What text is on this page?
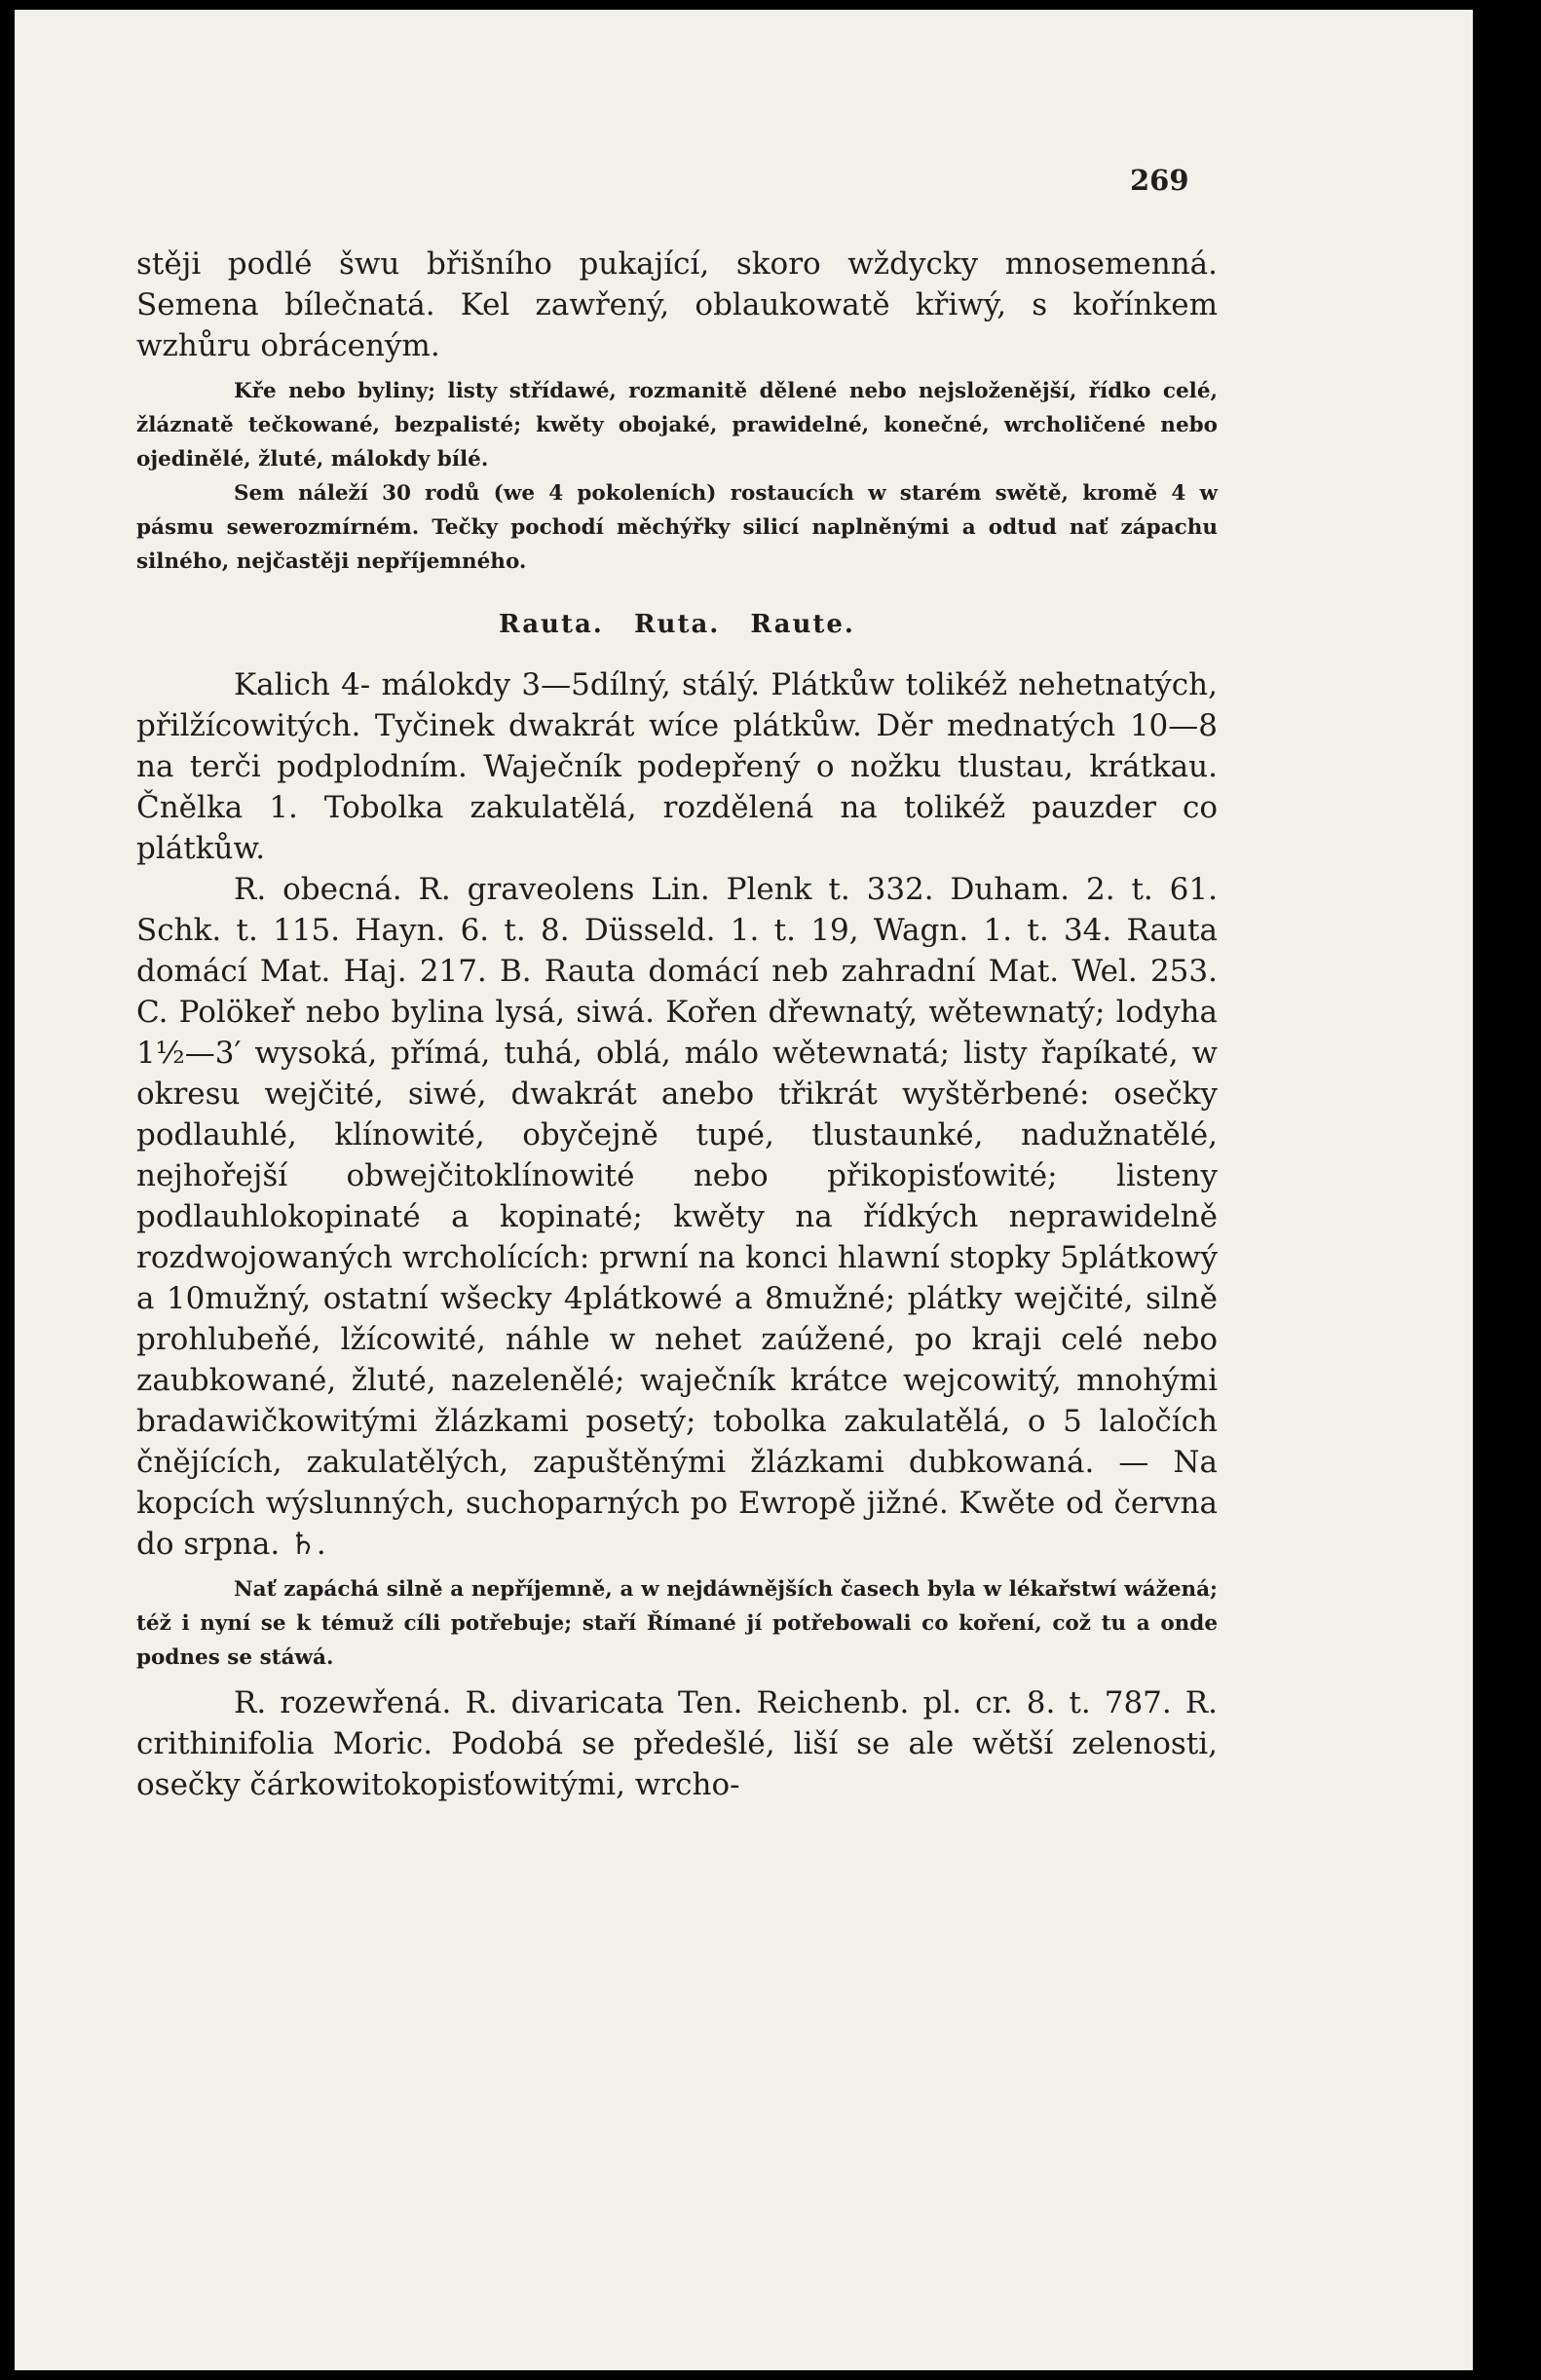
269

stěji podlé šwu břišního pukající, skoro wždycky mnosemenná. Semena bílečnatá. Kel zawřený, oblaukowatě křiwý, s kořínkem wzhůru obráceným.

Kře nebo byliny; listy střídawé, rozmanitě dělené nebo nejsloženější, řídko celé, žláznatě tečkowané, bezpalisté; kwěty obojaké, prawidelné, konečné, wrcholičené nebo ojedinělé, žluté, málokdy bílé.

Sem náleží 30 rodů (we 4 pokoleních) rostaucích w starém swětě, kromě 4 w pásmu sewerozmírném. Tečky pochodí měchýřky silicí naplněnými a odtud nať zápachu silného, nejčastěji nepříjemného.

Rauta. Ruta. Raute.

Kalich 4- málokdy 3—5dílný, stálý. Plátkůw tolikéž nehetnatých, přilžícowitých. Tyčinek dwakrát wíce plátkůw. Děr mednatých 10—8 na terči podplodním. Waječník podepřený o nožku tlustau, krátkau. Čnělka 1. Tobolka zakulatělá, rozdělená na tolikéž pauzder co plátkůw.

R. obecná. R. graveolens Lin. Plenk t. 332. Duham. 2. t. 61. Schk. t. 115. Hayn. 6. t. 8. Düsseld. 1. t. 19, Wagn. 1. t. 34. Rauta domácí Mat. Haj. 217. B. Rauta domácí neb zahradní Mat. Wel. 253. C. Polökeř nebo bylina lysá, siwá. Kořen dřewnatý, wětewnatý; lodyha 1½—3′ wysoká, přímá, tuhá, oblá, málo wětewnatá; listy řapíkaté, w okresu wejčité, siwé, dwakrát anebo třikrát wyštěrbené: osečky podlauhlé, klínowité, obyčejně tupé, tlustaunké, nadužnatělé, nejhořejší obwejčitoklínowité nebo přikopisťowité; listeny podlauhlokopinaté a kopinaté; kwěty na řídkých neprawidelně rozdwojowaných wrcholících: prwní na konci hlawní stopky 5plátkowý a 10mužný, ostatní wšecky 4plátkowé a 8mužné; plátky wejčité, silně prohlubeňé, lžícowité, náhle w nehet zaúžené, po kraji celé nebo zaubkowané, žluté, nazelenělé; waječník krátce wejcowitý, mnohými bradawičkowitými žlázkami posetý; tobolka zakulatělá, o 5 laločích čnějících, zakulatělých, zapuštěnými žlázkami dubkowaná. — Na kopcích wýslunných, suchoparných po Ewropě jižné. Kwěte od června do srpna. ♄.

Nať zapáchá silně a nepříjemně, a w nejdáwnějších časech byla w lékařstwí wážená; též i nyní se k témuž cíli potřebuje; staří Římané jí potřebowali co koření, což tu a onde podnes se stáwá.

R. rozewřená. R. divaricata Ten. Reichenb. pl. cr. 8. t. 787. R. crithinifolia Moric. Podobá se předešlé, liší se ale wětší zelenosti, osečky čárkowitokopisťowitými, wrcho-
